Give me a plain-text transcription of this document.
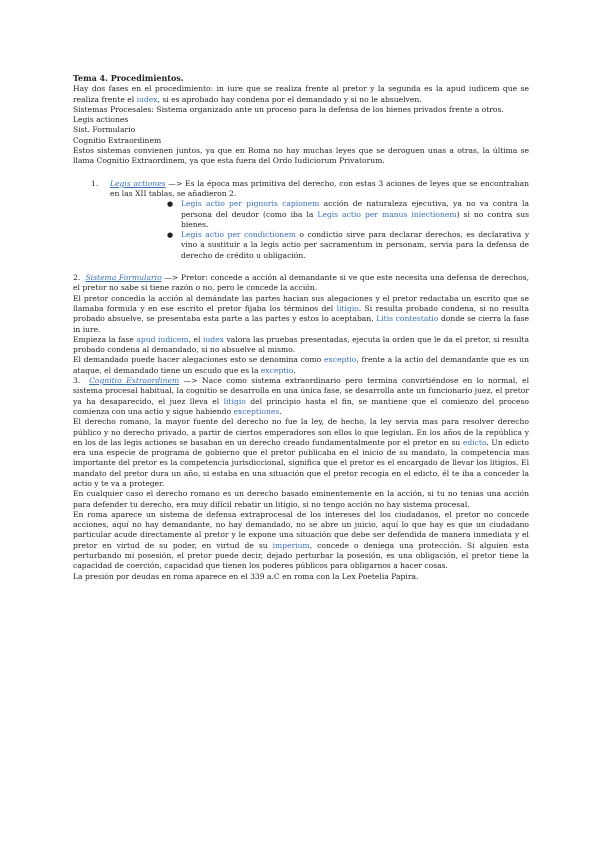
Tema 4. Procedimientos.

Hay dos fases en el procedimiento: in iure que se realiza frente al pretor y la segunda es la apud iudicem que se realiza frente el iudex, si es aprobado hay condena por el demandado y si no le absuelven.

Sistemas Procesales: Sistema organizado ante un proceso para la defensa de los bienes privados frente a otros.

Legis actiones

Sist. Formulario

Cognitio Extraordinem

Estos sistemas convienen juntos, ya que en Roma no hay muchas leyes que se deroguen unas a otras, la última se llama Cognitio Extraordinem, ya que esta fuera del Ordo Iudiciorum Privatorum.

1. Legis actiones —> Es la época mas primitiva del derecho, con estas 3 aciones de leyes que se encontraban en las XII tablas, se añadieron 2.

● Legis actio per pignoris capionem acción de naturaleza ejecutiva, ya no va contra la persona del deudor (como iba la Legis actio per manus iniectionem) si no contra sus bienes.
● Legis actio per condictionem o condictio sirve para declarar derechos, es declarativa y vino a sustituir a la legis actio per sacramentum in personam, servia para la defensa de derecho de crédito u obligación.

2. Sistema Formulario —> Pretor: concede a acción al demandante si ve que este necesita una defensa de derechos, el pretor no sabe si tiene razón o no, pero le concede la acción.

El pretor concedia la acción al demándate las partes hacian sus alegaciones y el pretor redactaba un escrito que se llamaba formula y en ese escrito el pretor fijaba los términos del litigio. Si resulta probado condena, si no resulta probado absuelve, se presentaba esta parte a las partes y estos lo aceptaban, Litis contestatio donde se cierra la fase in iure.

Empieza la fase apud iudicem, el iudex valora las pruebas presentadas, ejecuta la orden que le da el pretor, si resulta probado condena al demandado, si no absuelve al mismo.

El demandado puede hacer alegaciones esto se denomina como exceptio, frente a la actio del demandante que es un ataque, el demandado tiene un escudo que es la exceptio.

3. Cognitio Extraordinem —> Nace como sistema extraordinario pero termina convirtiéndose en lo normal, el sistema procesal habitual, la cognitio se desarrolla en una única fase, se desarrolla ante un funcionario juez, el pretor ya ha desaparecido, el juez lleva el litigio del principio hasta el fin, se mantiene que el comienzo del proceso comienza con una actio y sigue habiendo exceptiones.

El derecho romano, la mayor fuente del derecho no fue la ley, de hecho, la ley servia mas para resolver derecho público y no derecho privado, a partir de ciertos emperadores son ellos lo que legislan. En los años de la república y en los de las legis actiones se basaban en un derecho creado fundamentalmente por el pretor en su edicto. Un edicto era una especie de programa de gobierno que el pretor publicaba en el inicio de su mandato, la competencia mas importante del pretor es la competencia jurisdiccional, significa que el pretor es el encargado de llevar los litigios. El mandato del pretor dura un año, si estaba en una situación que el pretor recogia en el edicto, él te iba a conceder la actio y te va a proteger.

En cualquier caso el derecho romano es un derecho basado eminentemente en la acción, si tu no tenias una acción para defender tu derecho, era muy difícil rebatir un litigio, si no tengo acción no hay sistema procesal.

En roma aparece un sistema de defensa extraprocesal de los intereses del los ciudadanos, el pretor no concede acciones, aquí no hay demandante, no hay demandado, no se abre un juicio, aquí lo que hay es que un ciudadano particular acude directamente al pretor y le expone una situación que debe ser defendida de manera inmediata y el pretor en virtud de su poder, en virtud de su imperium, concede o deniega una protección. Si alguien esta perturbando mi posesión, el pretor puede decir, dejado perturbar la posesión, es una obligación, el pretor tiene la capacidad de coerción, capacidad que tienen los poderes públicos para obligarnos a hacer cosas.

La presión por deudas en roma aparece en el 339 a.C en roma con la Lex Poetelia Papira.
